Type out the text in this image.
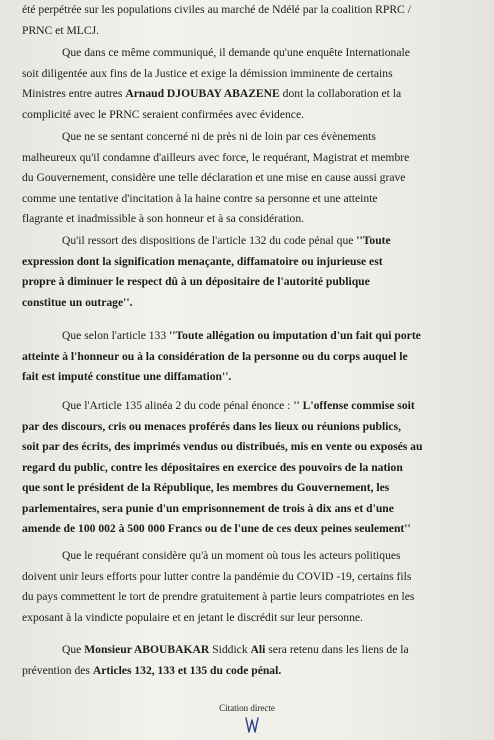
été perpétrée sur les populations civiles au marché de Ndélé par la coalition RPRC /
PRNC et MLCJ.
Que dans ce même communiqué, il demande qu'une enquête Internationale
soit diligentée aux fins de la Justice et exige la démission imminente de certains
Ministres entre autres Arnaud DJOUBAY ABAZENE dont la collaboration et la
complicité avec le PRNC seraient confirmées avec évidence.
Que ne se sentant concerné ni de près ni de loin par ces évènements
malheureux qu'il condamne d'ailleurs avec force, le requérant, Magistrat et membre
du Gouvernement, considère une telle déclaration et une mise en cause aussi grave
comme une tentative d'incitation à la haine contre sa personne et une atteinte
flagrante et inadmissible à son honneur et à sa considération.
Qu'il ressort des dispositions de l'article 132 du code pénal que ''Toute
expression dont la signification menaçante, diffamatoire ou injurieuse est
propre à diminuer le respect dû à un dépositaire de l'autorité publique
constitue un outrage''.
Que selon l'article 133 ''Toute allégation ou imputation d'un fait qui porte
atteinte à l'honneur ou à la considération de la personne ou du corps auquel le
fait est imputé constitue une diffamation''.
Que l'Article 135 alinéa 2 du code pénal énonce : '' L'offense commise soit
par des discours, cris ou menaces proférés dans les lieux ou réunions publics,
soit par des écrits, des imprimés vendus ou distribués, mis en vente ou exposés au
regard du public, contre les dépositaires en exercice des pouvoirs de la nation
que sont le président de la République, les membres du Gouvernement, les
parlementaires, sera punie d'un emprisonnement de trois à dix ans et d'une
amende de 100 002 à 500 000 Francs ou de l'une de ces deux peines seulement''
Que le requérant considère qu'à un moment où tous les acteurs politiques
doivent unir leurs efforts pour lutter contre la pandémie du COVID -19, certains fils
du pays commettent le tort de prendre gratuitement à partie leurs compatriotes en les
exposant à la vindicte populaire et en jetant le discrédit sur leur personne.
Que Monsieur ABOUBAKAR Siddick Ali sera retenu dans les liens de la
prévention des Articles 132, 133 et 135 du code pénal.
Citation directe
